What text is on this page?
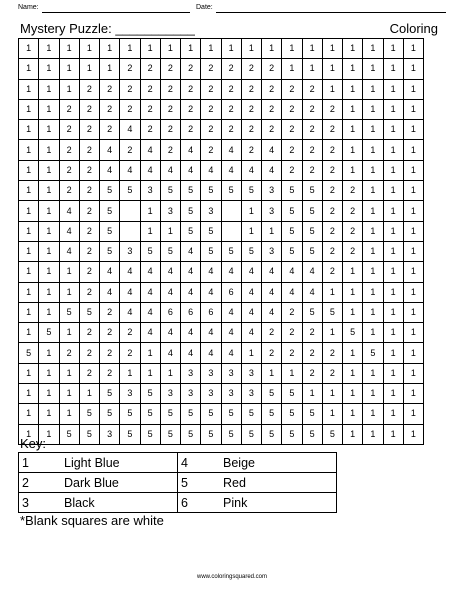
Name:	Date:
Mystery Puzzle: ___________	Coloring
1	1	1	1	1	1	1	1	1	1	1	1	1	1	1	1	1	1	1	1
1	1	1	1	1	2	2	2	2	2	2	2	2	1	1	1	1	1	1	1
1	1	1	2	2	2	2	2	2	2	2	2	2	2	2	1	1	1	1	1
1	1	2	2	2	2	2	2	2	2	2	2	2	2	2	2	1	1	1	1
1	1	2	2	2	4	2	2	2	2	2	2	2	2	2	2	1	1	1	1
1	1	2	2	4	2	4	2	4	2	4	2	4	2	2	2	1	1	1	1
1	1	2	2	4	4	4	4	4	4	4	4	4	2	2	2	1	1	1	1
1	1	2	2	5	5	3	5	5	5	5	5	3	5	5	2	2	1	1	1
1	1	4	2	5		1	3	5	3		1	3	5	5	2	2	1	1	1
1	1	4	2	5		1	1	5	5		1	1	5	5	2	2	1	1	1
1	1	4	2	5	3	5	5	4	5	5	5	3	5	5	2	2	1	1	1
1	1	1	2	4	4	4	4	4	4	4	4	4	4	4	2	1	1	1	1
1	1	1	2	4	4	4	4	4	4	6	4	4	4	4	1	1	1	1	1
1	1	5	5	2	4	4	6	6	6	4	4	4	2	5	5	1	1	1	1
1	5	1	2	2	2	4	4	4	4	4	4	2	2	2	1	5	1	1	1
5	1	2	2	2	2	1	4	4	4	4	1	2	2	2	2	1	5	1	1
1	1	1	2	2	1	1	1	3	3	3	3	1	1	2	2	1	1	1	1
1	1	1	1	5	3	5	3	3	3	3	3	5	5	1	1	1	1	1	1
1	1	1	5	5	5	5	5	5	5	5	5	5	5	5	1	1	1	1	1
1	1	5	5	3	5	5	5	5	5	5	5	5	5	5	5	1	1	1	1
Key:
1	Light Blue	4	Beige
2	Dark Blue	5	Red
3	Black	6	Pink
*Blank squares are white
www.coloringsquared.com
